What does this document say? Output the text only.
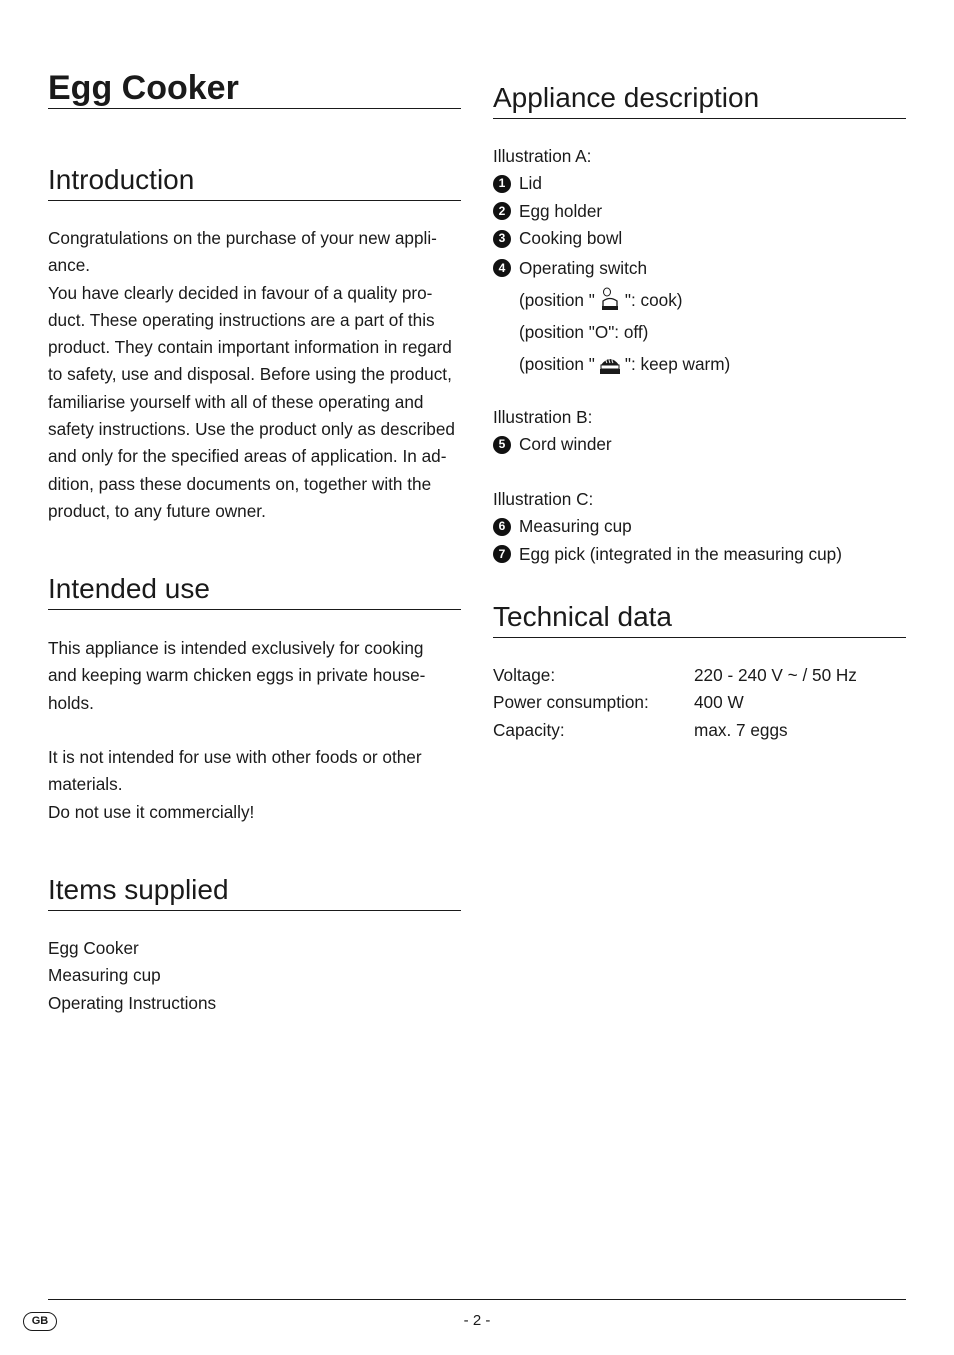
Egg Cooker
Introduction

Congratulations on the purchase of your new appli-

ance.

You have clearly decided in favour of a quality pro-

duct. These operating instructions are a part of this

product. They contain important information in regard

to safety, use and disposal. Before using the product,

familiarise yourself with all of these operating and

safety instructions. Use the product only as described

and only for the specified areas of application. In ad-

dition, pass these documents on, together with the

product, to any future owner.

Intended use

This appliance is intended exclusively for cooking

and keeping warm chicken eggs in private house-

holds.

It is not intended for use with other foods or other

materials.

Do not use it commercially!

Items supplied

Egg Cooker

Measuring cup

Operating Instructions

Appliance description

Illustration A:

1 Lid
2 Egg holder
3 Cooking bowl
4 Operating switch
(position " ": cook)
(position "O": off)
(position " ": keep warm)

Illustration B:

5 Cord winder

Illustration C:

6 Measuring cup
7 Egg pick (integrated in the measuring cup)
Technical data
Voltage:	220 - 240 V ~ / 50 Hz
Power consumption:	400 W
Capacity:	max. 7 eggs
GB	- 2 -
